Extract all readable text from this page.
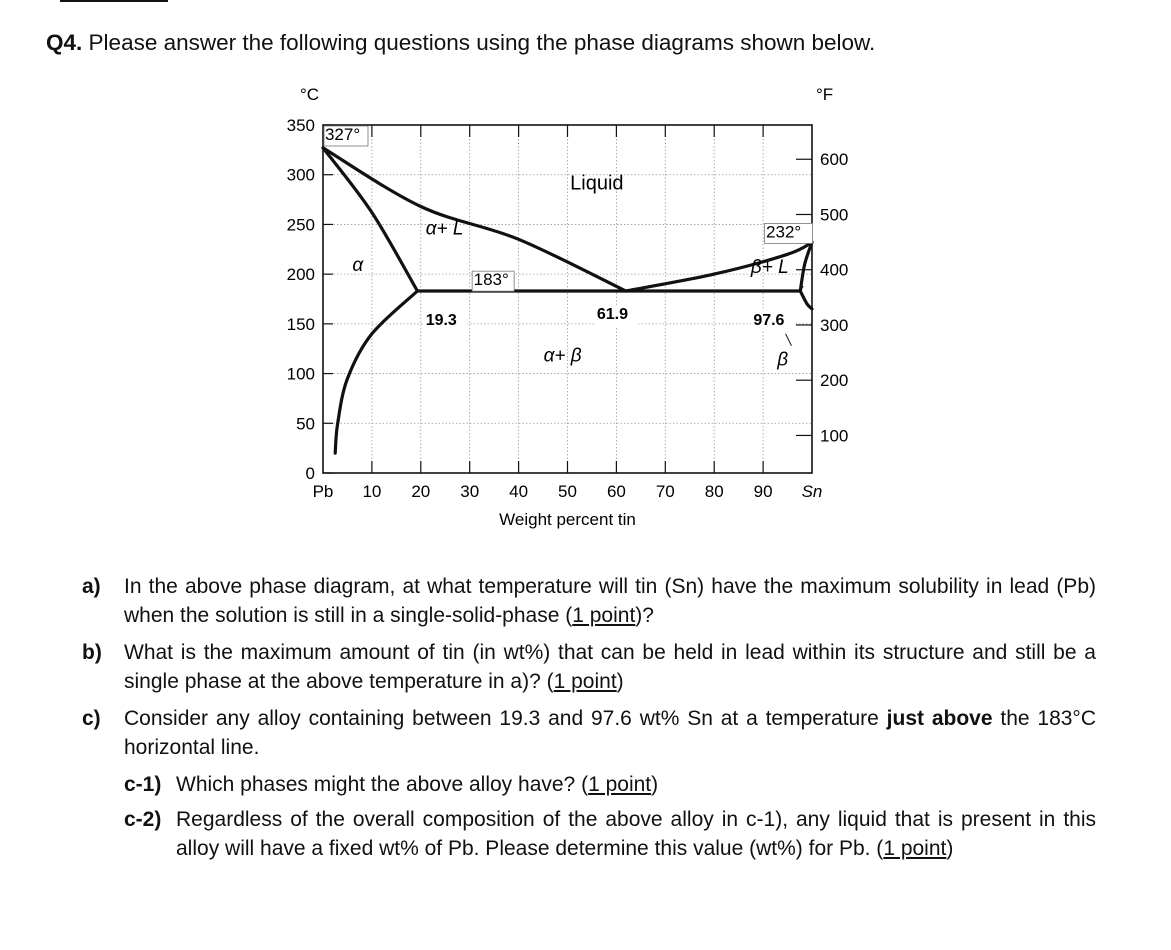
Q4. Please answer the following questions using the phase diagrams shown below.
350
300
250
200
150
100
50
0
600
500
400
300
200
100
°C	°F
Pb 10 20 30 40 50 60 70 80 90 Sn
Weight percent tin
327°
232°
183°
Liquid
α
α+ L
β+ L
α+ β	β
19.3	61.9	97.6
a)	In the above phase diagram, at what temperature will tin (Sn) have the maximum solubility in lead (Pb) when the solution is still in a single-solid-phase (1 point)?
b)	What is the maximum amount of tin (in wt%) that can be held in lead within its structure and still be a single phase at the above temperature in a)? (1 point)
c)	Consider any alloy containing between 19.3 and 97.6 wt% Sn at a temperature just above the 183°C horizontal line.
c-1) Which phases might the above alloy have? (1 point)
c-2) Regardless of the overall composition of the above alloy in c-1), any liquid that is present in this alloy will have a fixed wt% of Pb. Please determine this value (wt%) for Pb. (1 point)
